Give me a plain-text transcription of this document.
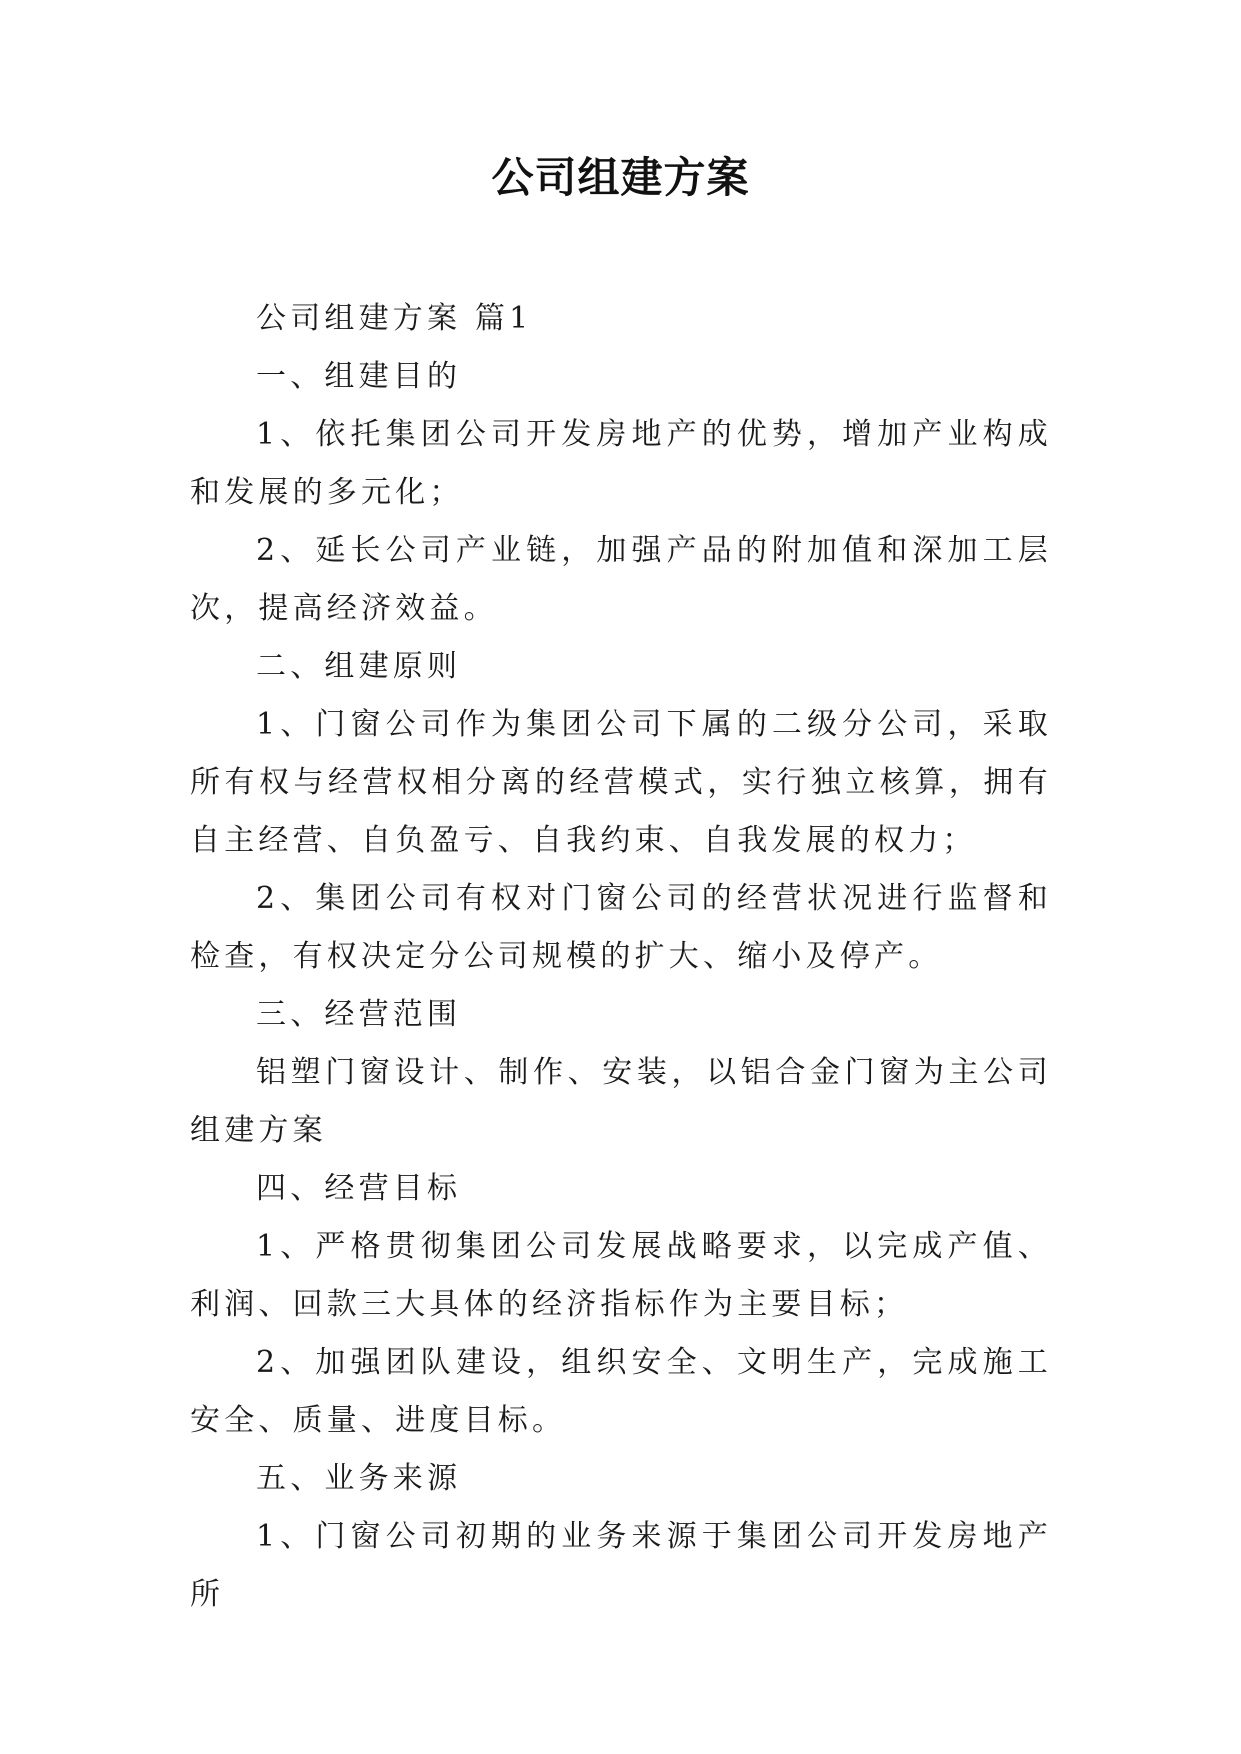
公司组建方案

公司组建方案 篇1

一、组建目的

1、依托集团公司开发房地产的优势，增加产业构成和发展的多元化；

2、延长公司产业链，加强产品的附加值和深加工层次，提高经济效益。

二、组建原则

1、门窗公司作为集团公司下属的二级分公司，采取所有权与经营权相分离的经营模式，实行独立核算，拥有自主经营、自负盈亏、自我约束、自我发展的权力；

2、集团公司有权对门窗公司的经营状况进行监督和检查，有权决定分公司规模的扩大、缩小及停产。

三、经营范围

铝塑门窗设计、制作、安装，以铝合金门窗为主公司组建方案

四、经营目标

1、严格贯彻集团公司发展战略要求，以完成产值、利润、回款三大具体的经济指标作为主要目标；

2、加强团队建设，组织安全、文明生产，完成施工安全、质量、进度目标。

五、业务来源

1、门窗公司初期的业务来源于集团公司开发房地产所
